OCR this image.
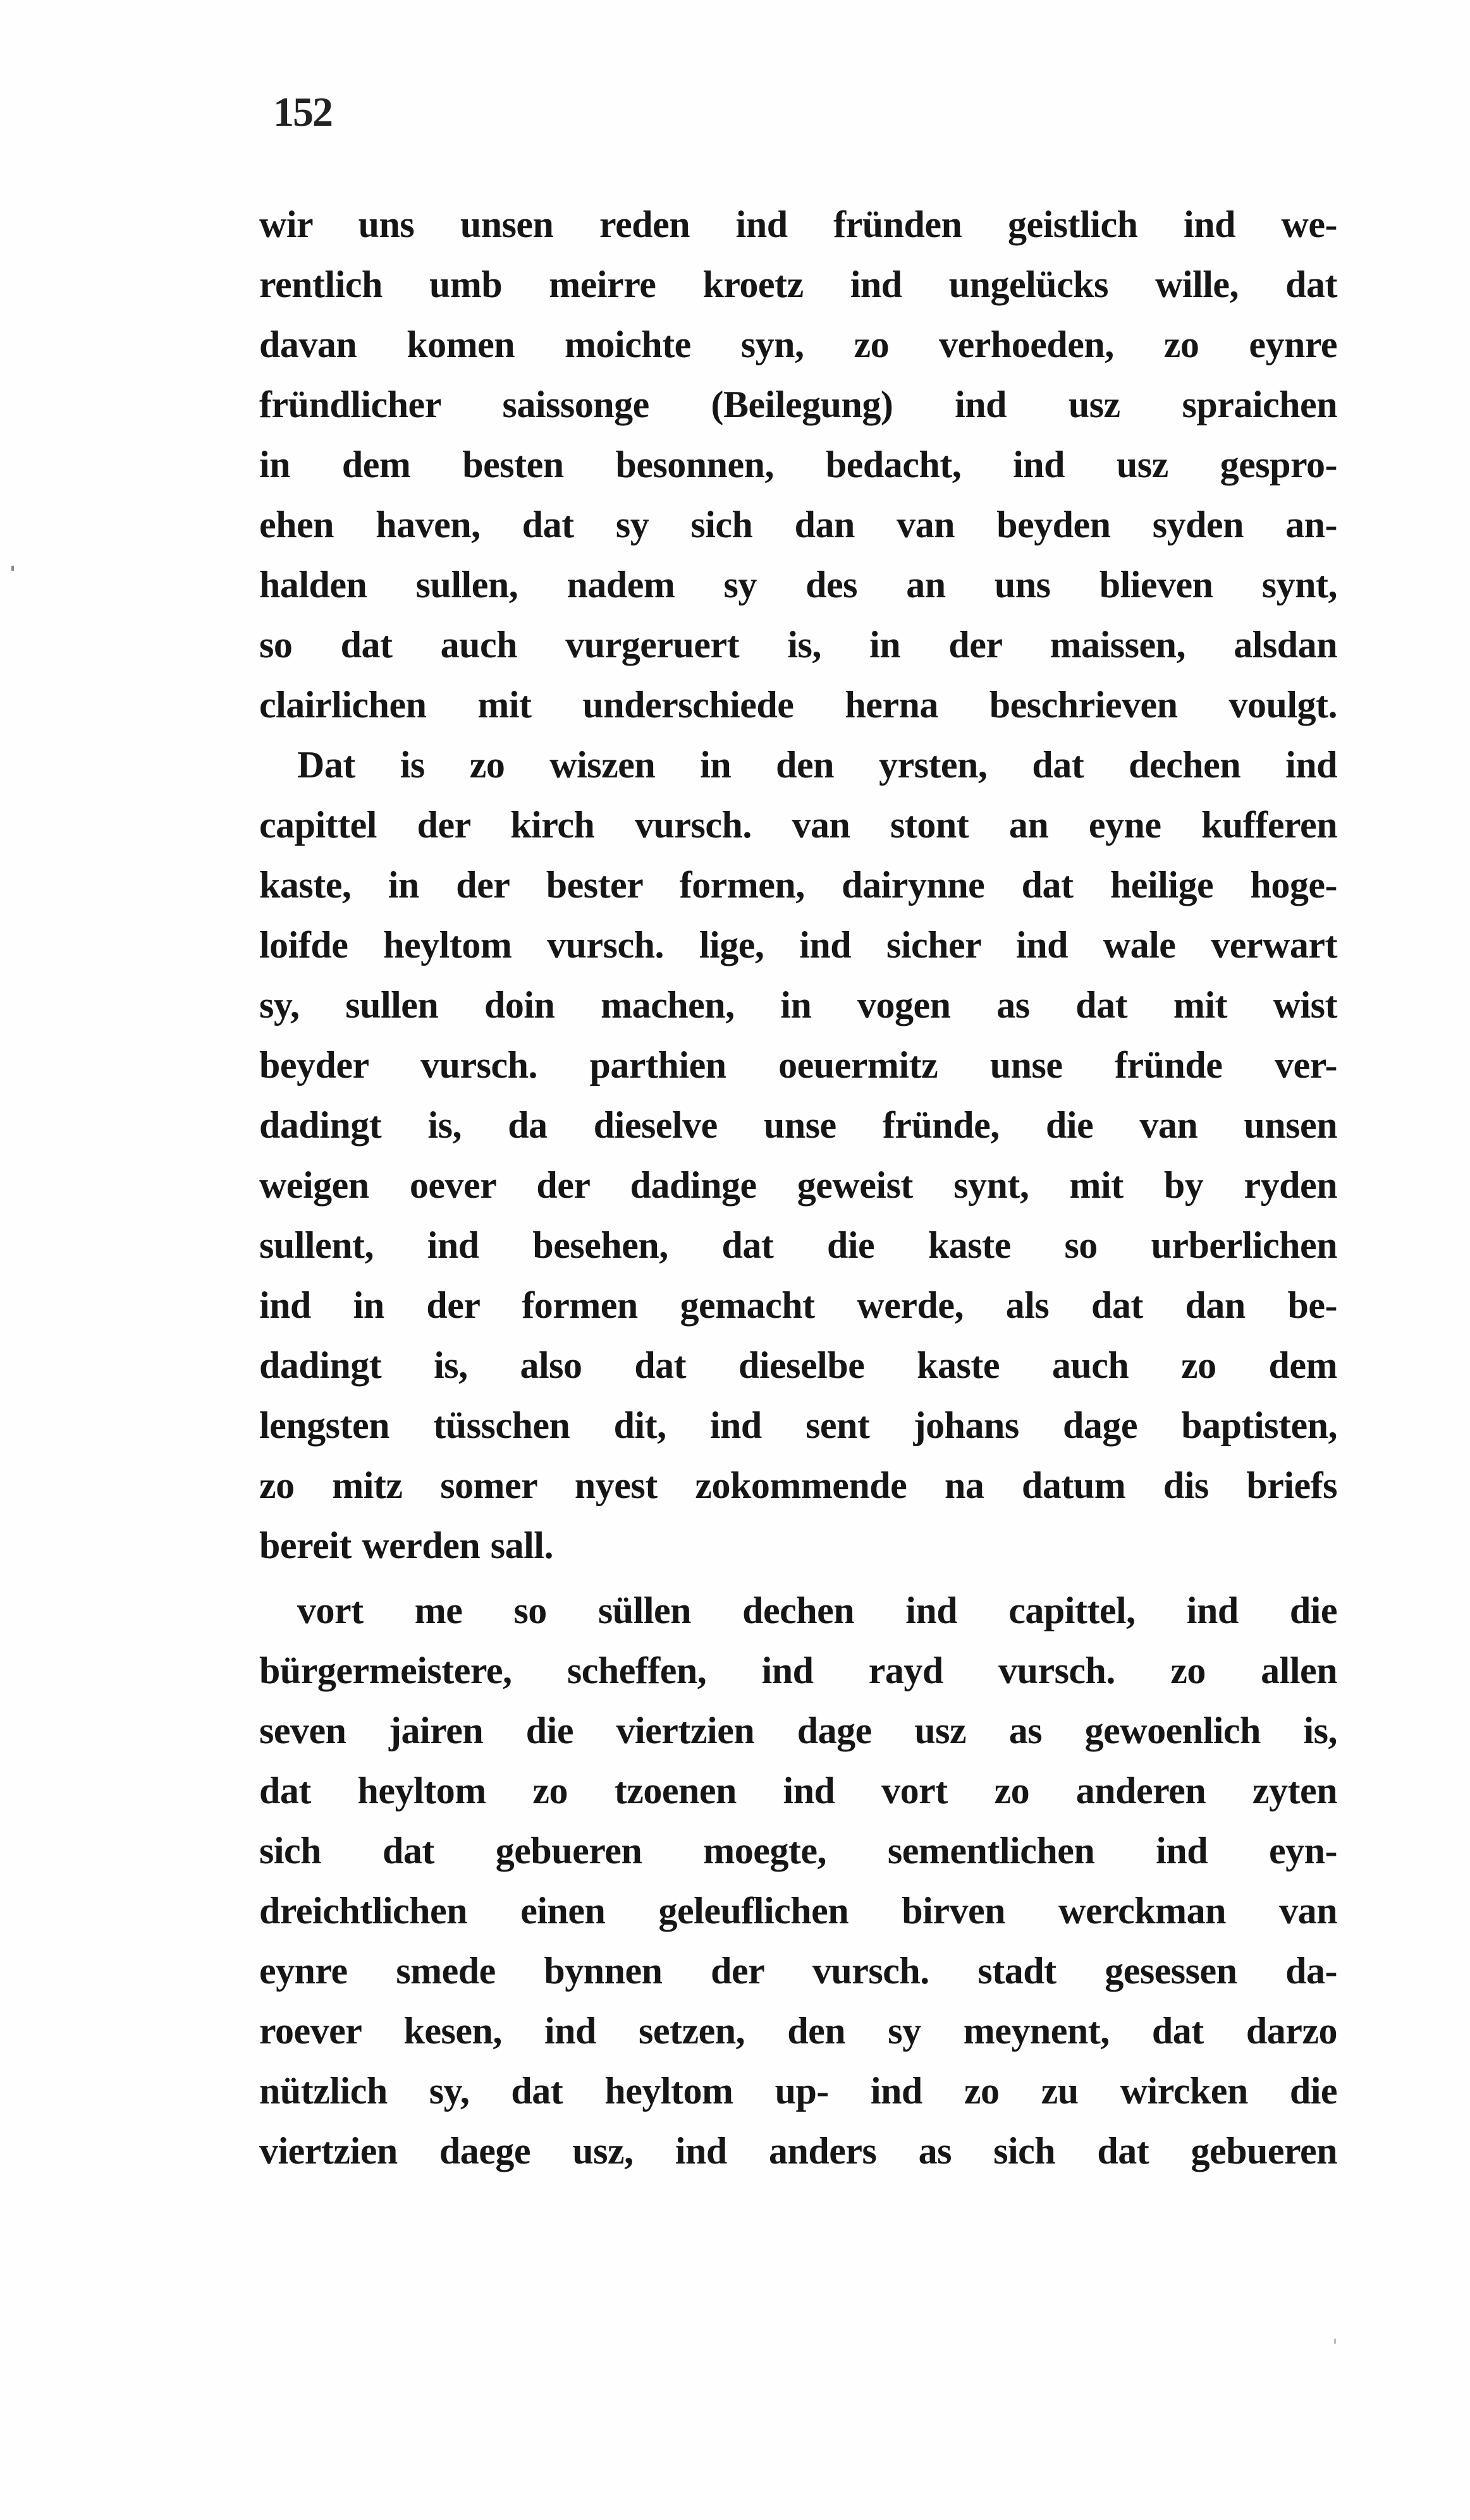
152
wir uns unsen reden ind fründen geistlich ind we-
rentlich umb meirre kroetz ind ungelücks wille, dat
davan komen moichte syn, zo verhoeden, zo eynre
fründlicher saissonge (Beilegung) ind usz spraichen
in dem besten besonnen, bedacht, ind usz gespro-
ehen haven, dat sy sich dan van beyden syden an-
halden sullen, nadem sy des an uns blieven synt,
so dat auch vurgeruert is, in der maissen, alsdan
clairlichen mit underschiede herna beschrieven voulgt.
Dat is zo wiszen in den yrsten, dat dechen ind
capittel der kirch vursch. van stont an eyne kufferen
kaste, in der bester formen, dairynne dat heilige hoge-
loifde heyltom vursch. lige, ind sicher ind wale verwart
sy, sullen doin machen, in vogen as dat mit wist
beyder vursch. parthien oeuermitz unse fründe ver-
dadingt is, da dieselve unse fründe, die van unsen
weigen oever der dadinge geweist synt, mit by ryden
sullent, ind besehen, dat die kaste so urberlichen
ind in der formen gemacht werde, als dat dan be-
dadingt is, also dat dieselbe kaste auch zo dem
lengsten tüsschen dit, ind sent johans dage baptisten,
zo mitz somer nyest zokommende na datum dis briefs
bereit werden sall.
vort me so süllen dechen ind capittel, ind die
bürgermeistere, scheffen, ind rayd vursch. zo allen
seven jairen die viertzien dage usz as gewoenlich is,
dat heyltom zo tzoenen ind vort zo anderen zyten
sich dat gebueren moegte, sementlichen ind eyn-
dreichtlichen einen geleuflichen birven werckman van
eynre smede bynnen der vursch. stadt gesessen da-
roever kesen, ind setzen, den sy meynent, dat darzo
nützlich sy, dat heyltom up- ind zo zu wircken die
viertzien daege usz, ind anders as sich dat gebueren
